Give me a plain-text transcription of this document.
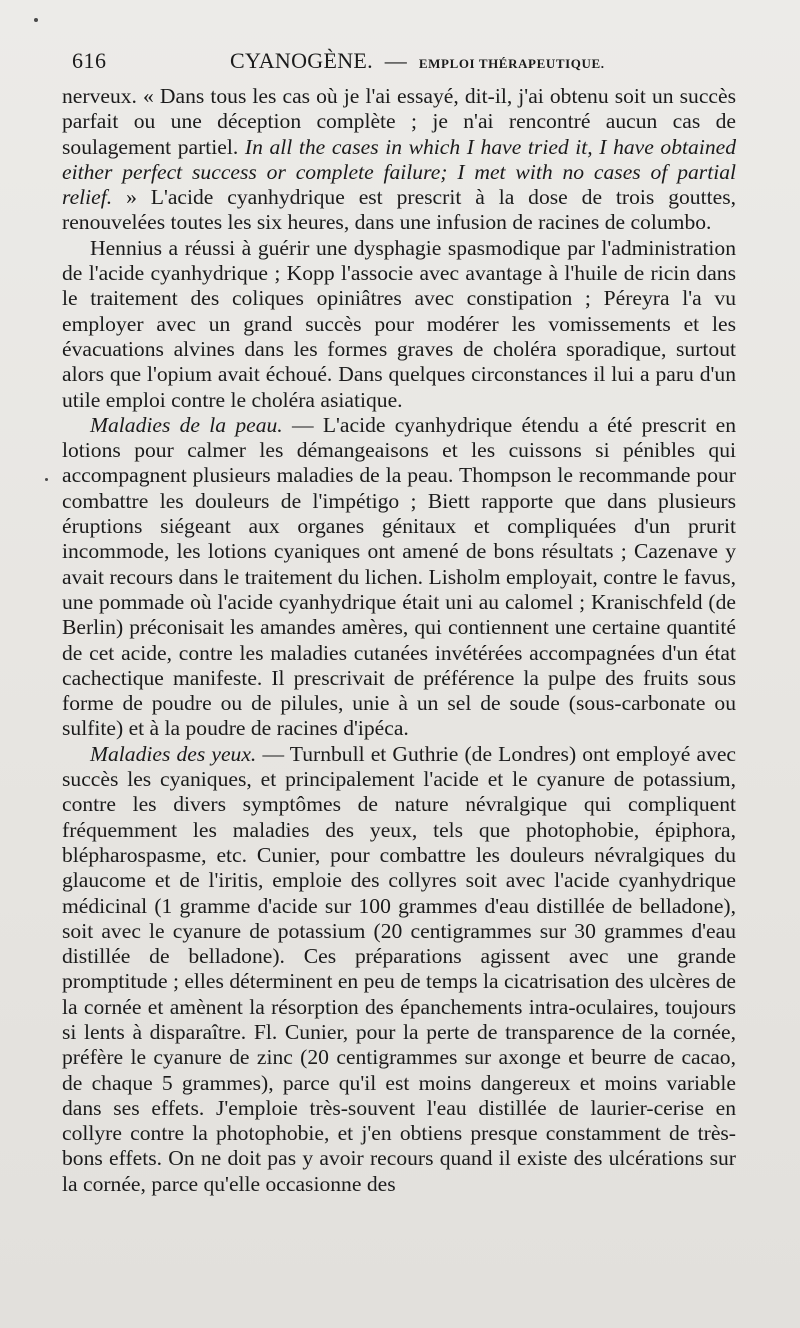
616	CYANOGÈNE. — EMPLOI THÉRAPEUTIQUE.

nerveux. « Dans tous les cas où je l'ai essayé, dit-il, j'ai obtenu soit un succès parfait ou une déception complète ; je n'ai rencontré aucun cas de soulagement partiel. In all the cases in which I have tried it, I have obtained either perfect success or complete failure; I met with no cases of partial relief. » L'acide cyanhydrique est prescrit à la dose de trois gouttes, renouvelées toutes les six heures, dans une infusion de racines de columbo.

Hennius a réussi à guérir une dysphagie spasmodique par l'administration de l'acide cyanhydrique ; Kopp l'associe avec avantage à l'huile de ricin dans le traitement des coliques opiniâtres avec constipation ; Péreyra l'a vu employer avec un grand succès pour modérer les vomissements et les évacuations alvines dans les formes graves de choléra sporadique, surtout alors que l'opium avait échoué. Dans quelques circonstances il lui a paru d'un utile emploi contre le choléra asiatique.

Maladies de la peau. — L'acide cyanhydrique étendu a été prescrit en lotions pour calmer les démangeaisons et les cuissons si pénibles qui accompagnent plusieurs maladies de la peau. Thompson le recommande pour combattre les douleurs de l'impétigo ; Biett rapporte que dans plusieurs éruptions siégeant aux organes génitaux et compliquées d'un prurit incommode, les lotions cyaniques ont amené de bons résultats ; Cazenave y avait recours dans le traitement du lichen. Lisholm employait, contre le favus, une pommade où l'acide cyanhydrique était uni au calomel ; Kranischfeld (de Berlin) préconisait les amandes amères, qui contiennent une certaine quantité de cet acide, contre les maladies cutanées invétérées accompagnées d'un état cachectique manifeste. Il prescrivait de préférence la pulpe des fruits sous forme de poudre ou de pilules, unie à un sel de soude (sous-carbonate ou sulfite) et à la poudre de racines d'ipéca.

Maladies des yeux. — Turnbull et Guthrie (de Londres) ont employé avec succès les cyaniques, et principalement l'acide et le cyanure de potassium, contre les divers symptômes de nature névralgique qui compliquent fréquemment les maladies des yeux, tels que photophobie, épiphora, blépharospasme, etc. Cunier, pour combattre les douleurs névralgiques du glaucome et de l'iritis, emploie des collyres soit avec l'acide cyanhydrique médicinal (1 gramme d'acide sur 100 grammes d'eau distillée de belladone), soit avec le cyanure de potassium (20 centigrammes sur 30 grammes d'eau distillée de belladone). Ces préparations agissent avec une grande promptitude ; elles déterminent en peu de temps la cicatrisation des ulcères de la cornée et amènent la résorption des épanchements intra-oculaires, toujours si lents à disparaître. Fl. Cunier, pour la perte de transparence de la cornée, préfère le cyanure de zinc (20 centigrammes sur axonge et beurre de cacao, de chaque 5 grammes), parce qu'il est moins dangereux et moins variable dans ses effets. J'emploie très-souvent l'eau distillée de laurier-cerise en collyre contre la photophobie, et j'en obtiens presque constamment de très-bons effets. On ne doit pas y avoir recours quand il existe des ulcérations sur la cornée, parce qu'elle occasionne des
